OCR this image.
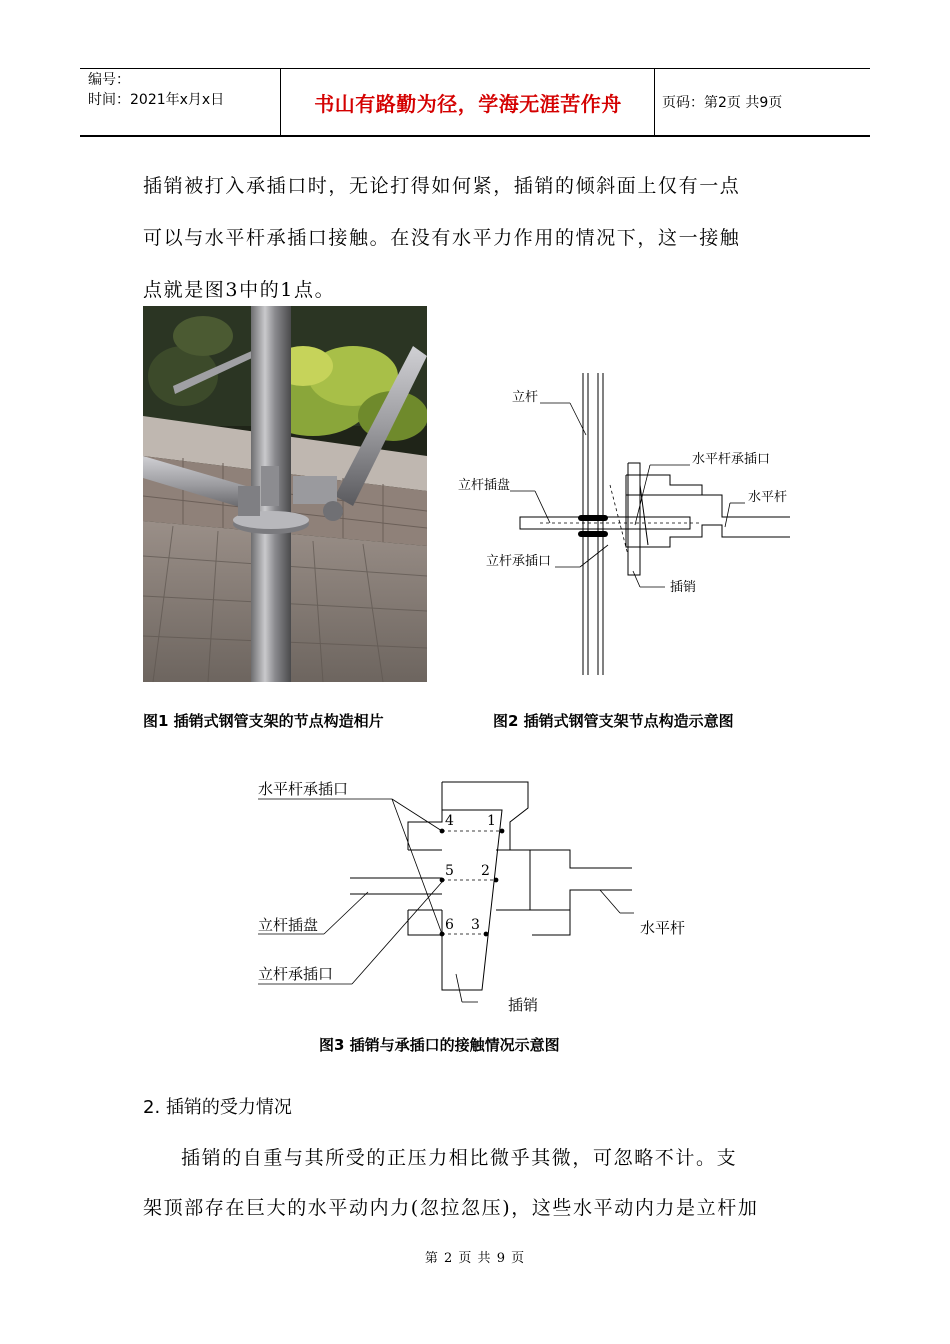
编号：
时间：2021年x月x日	书山有路勤为径，学海无涯苦作舟	页码：第2页 共9页
插销被打入承插口时，无论打得如何紧，插销的倾斜面上仅有一点
可以与水平杆承插口接触。在没有水平力作用的情况下，这一接触
点就是图3中的1点。
立杆
水平杆承插口
立杆插盘
水平杆
立杆承插口
插销
图1 插销式钢管支架的节点构造相片	图2 插销式钢管支架节点构造示意图
4 1
5 2
6 3
水平杆承插口
立杆插盘
立杆承插口
水平杆
插销
图3 插销与承插口的接触情况示意图
2. 插销的受力情况
插销的自重与其所受的正压力相比微乎其微，可忽略不计。支
架顶部存在巨大的水平动内力(忽拉忽压)，这些水平动内力是立杆加
第 2 页 共 9 页
